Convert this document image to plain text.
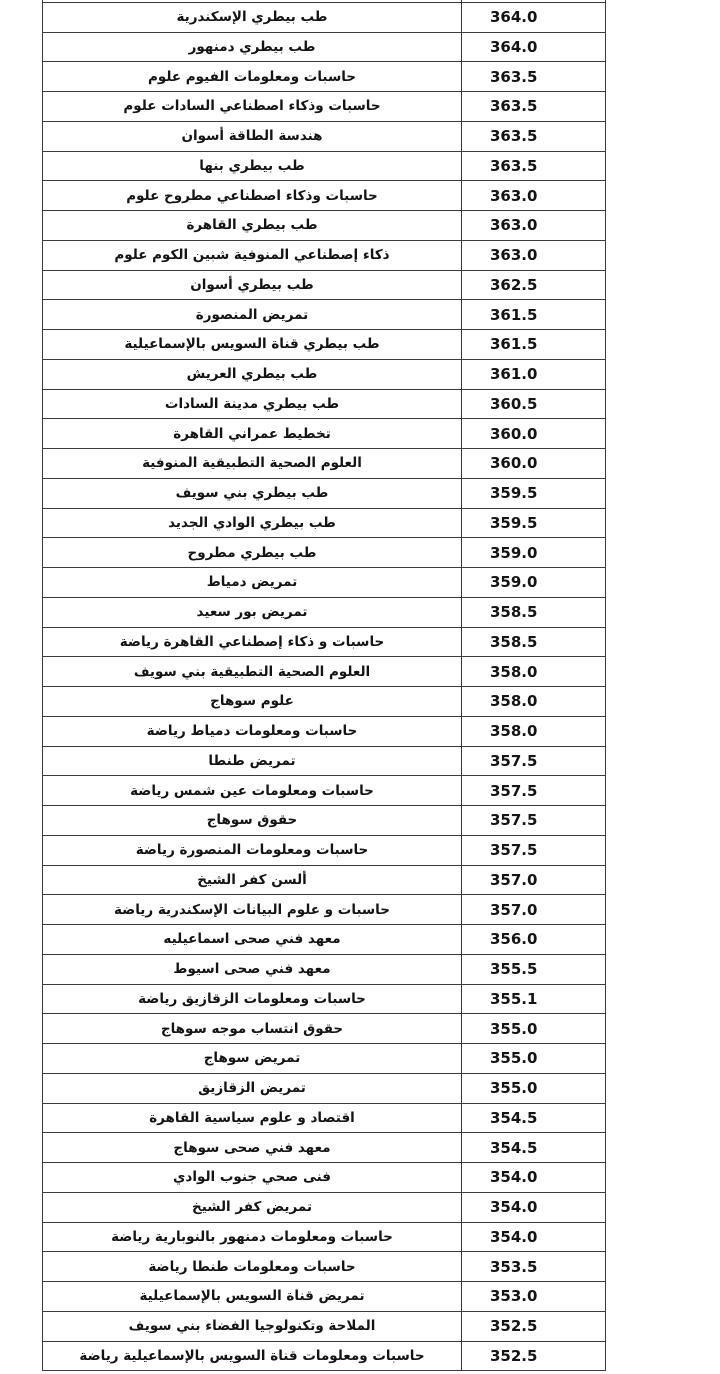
طب بيطري الإسكندرية	364.0
طب بيطري دمنهور	364.0
حاسبات ومعلومات الفيوم علوم	363.5
حاسبات وذكاء اصطناعي السادات علوم	363.5
هندسة الطاقة أسوان	363.5
طب بيطري بنها	363.5
حاسبات وذكاء اصطناعي مطروح علوم	363.0
طب بيطري القاهرة	363.0
ذكاء إصطناعي المنوفية شبين الكوم علوم	363.0
طب بيطري أسوان	362.5
تمريض المنصورة	361.5
طب بيطري قناة السويس بالإسماعيلية	361.5
طب بيطري العريش	361.0
طب بيطري مدينة السادات	360.5
تخطيط عمراني القاهرة	360.0
العلوم الصحية التطبيقية المنوفية	360.0
طب بيطري بني سويف	359.5
طب بيطري الوادي الجديد	359.5
طب بيطري مطروح	359.0
تمريض دمياط	359.0
تمريض بور سعيد	358.5
حاسبات و ذكاء إصطناعي القاهرة رياضة	358.5
العلوم الصحية التطبيقية بني سويف	358.0
علوم سوهاج	358.0
حاسبات ومعلومات دمياط رياضة	358.0
تمريض طنطا	357.5
حاسبات ومعلومات عين شمس رياضة	357.5
حقوق سوهاج	357.5
حاسبات ومعلومات المنصورة رياضة	357.5
ألسن كفر الشيخ	357.0
حاسبات و علوم البيانات الإسكندرية رياضة	357.0
معهد فني صحى اسماعيليه	356.0
معهد فني صحى اسيوط	355.5
حاسبات ومعلومات الزقازيق رياضة	355.1
حقوق انتساب موجه سوهاج	355.0
تمريض سوهاج	355.0
تمريض الزقازيق	355.0
اقتصاد و علوم سياسية القاهرة	354.5
معهد فني صحى سوهاج	354.5
فنى صحي جنوب الوادي	354.0
تمريض كفر الشيخ	354.0
حاسبات ومعلومات دمنهور بالنوبارية رياضة	354.0
حاسبات ومعلومات طنطا رياضة	353.5
تمريض قناة السويس بالإسماعيلية	353.0
الملاحة وتكنولوجيا الفضاء بني سويف	352.5
حاسبات ومعلومات قناة السويس بالإسماعيلية رياضة	352.5
